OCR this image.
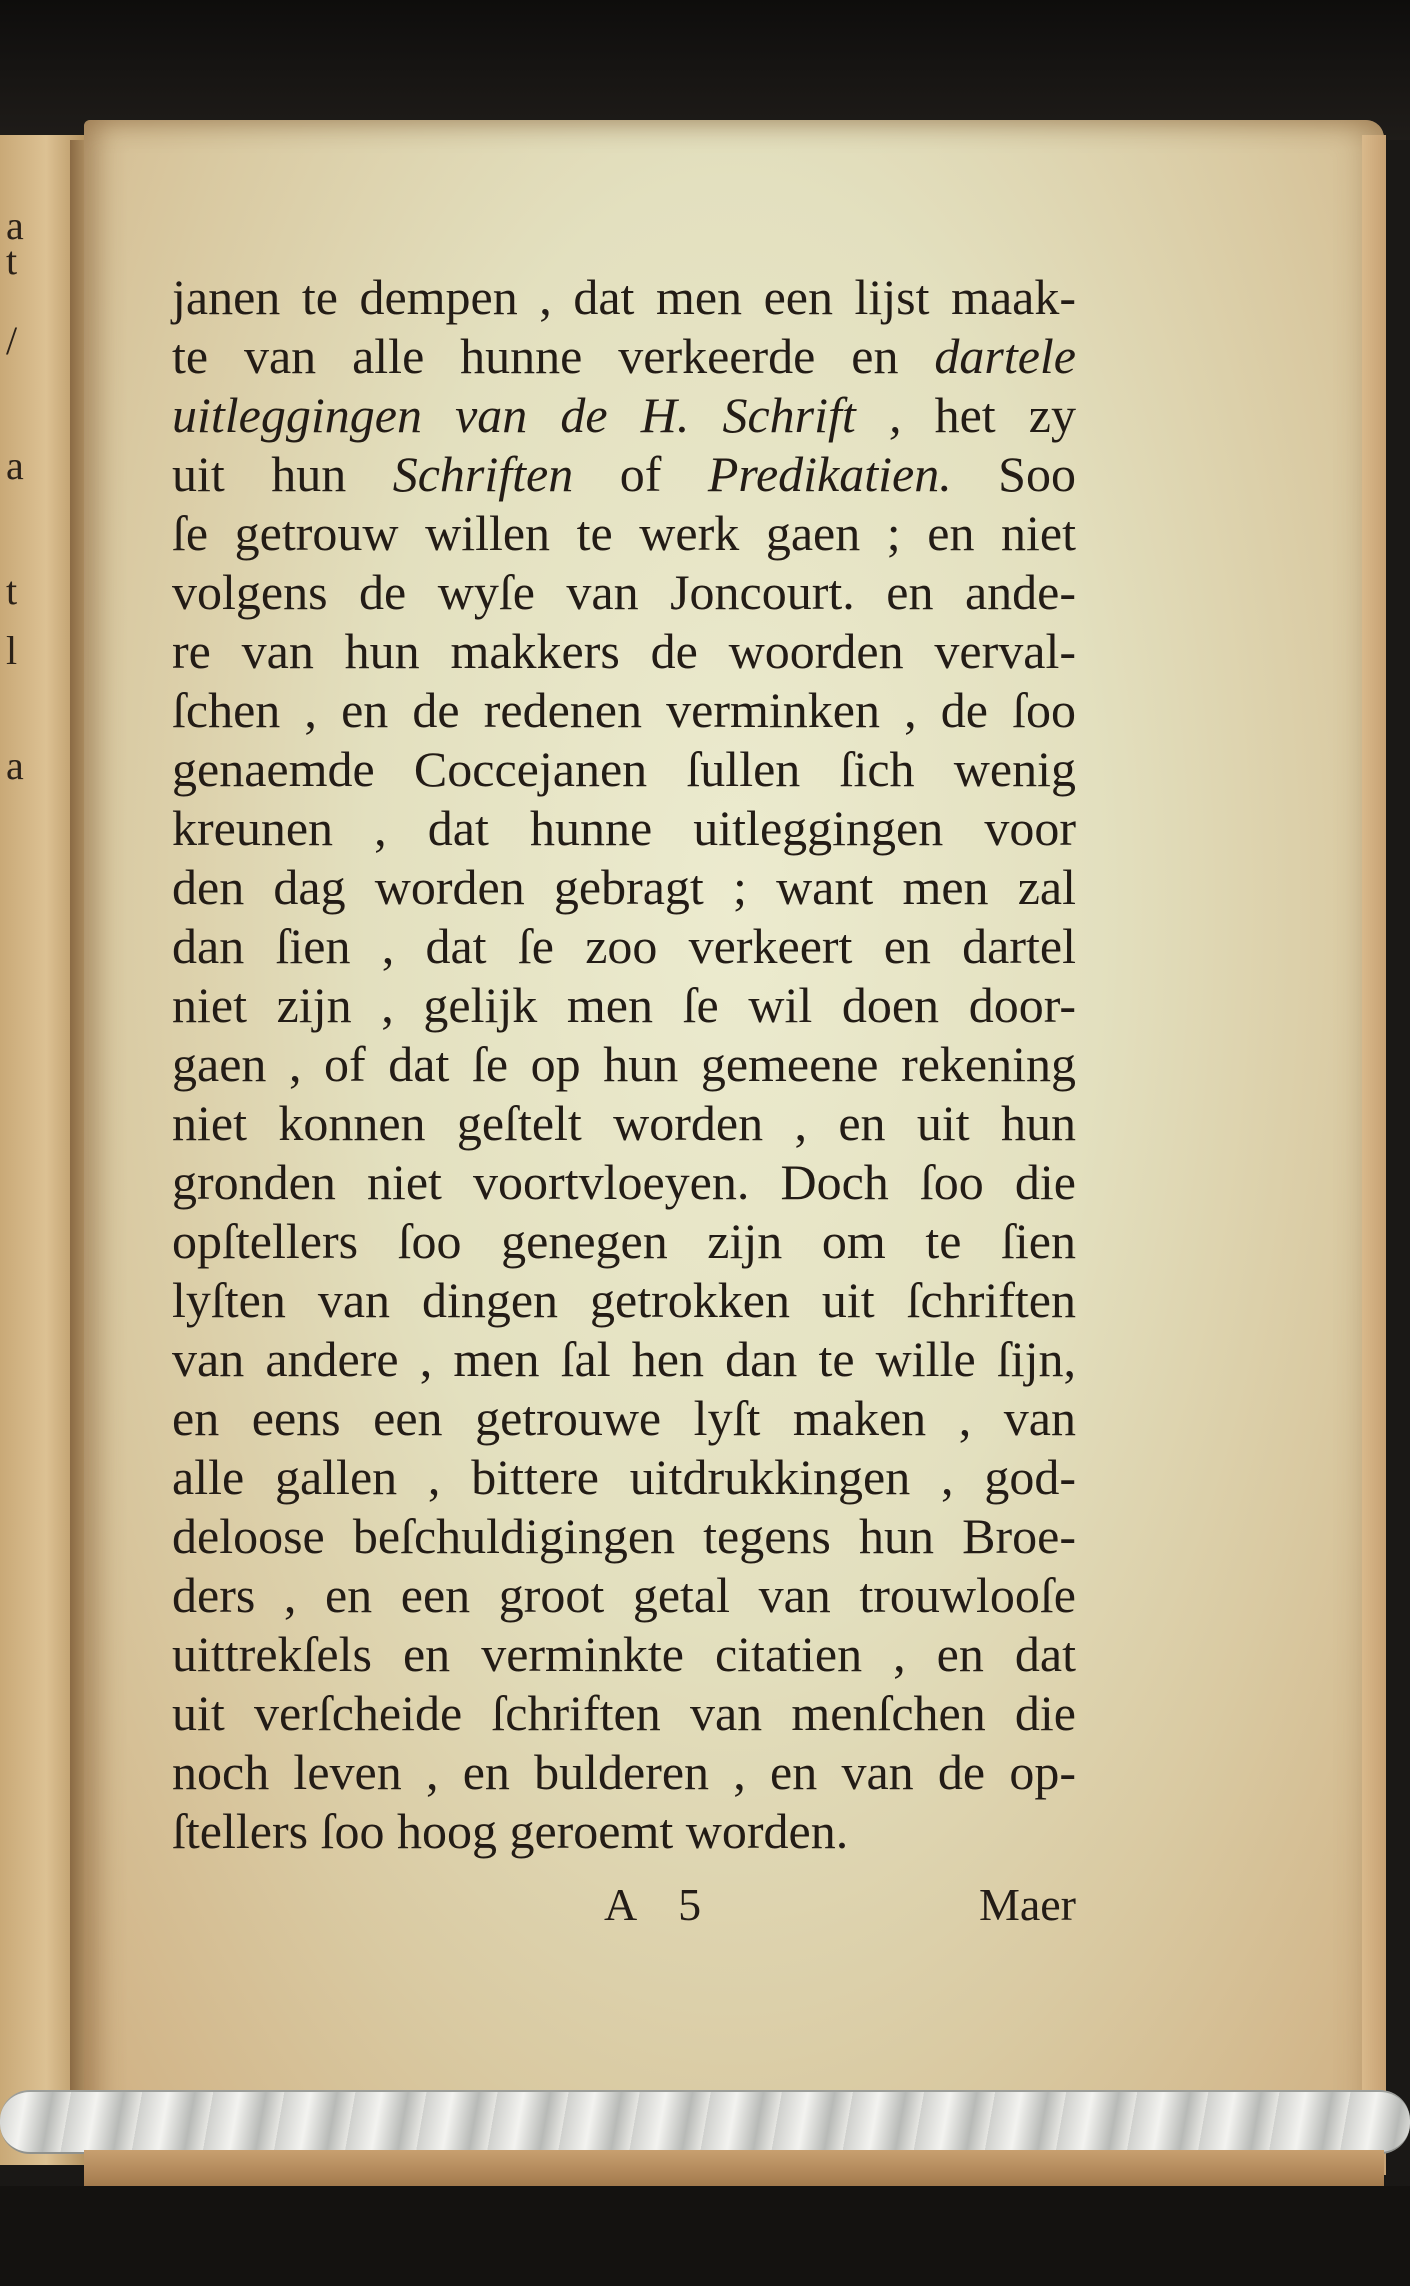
a
t
/
a
t
l
a
janen te dempen , dat men een lijst maak-
te van alle hunne verkeerde en dartele
uitleggingen van de H. Schrift , het zy
uit hun Schriften of Predikatien. Soo
ſe getrouw willen te werk gaen ; en niet
volgens de wyſe van Joncourt. en ande-
re van hun makkers de woorden verval-
ſchen , en de redenen verminken , de ſoo
genaemde Coccejanen ſullen ſich wenig
kreunen , dat hunne uitleggingen voor
den dag worden gebragt ; want men zal
dan ſien , dat ſe zoo verkeert en dartel
niet zijn , gelijk men ſe wil doen door-
gaen , of dat ſe op hun gemeene rekening
niet konnen geſtelt worden , en uit hun
gronden niet voortvloeyen. Doch ſoo die
opſtellers ſoo genegen zijn om te ſien
lyſten van dingen getrokken uit ſchriften
van andere , men ſal hen dan te wille ſijn,
en eens een getrouwe lyſt maken , van
alle gallen , bittere uitdrukkingen , god-
deloose beſchuldigingen tegens hun Broe-
ders , en een groot getal van trouwlooſe
uittrekſels en verminkte citatien , en dat
uit verſcheide ſchriften van menſchen die
noch leven , en bulderen , en van de op-
ſtellers ſoo hoog geroemt worden.
A 5	Maer
